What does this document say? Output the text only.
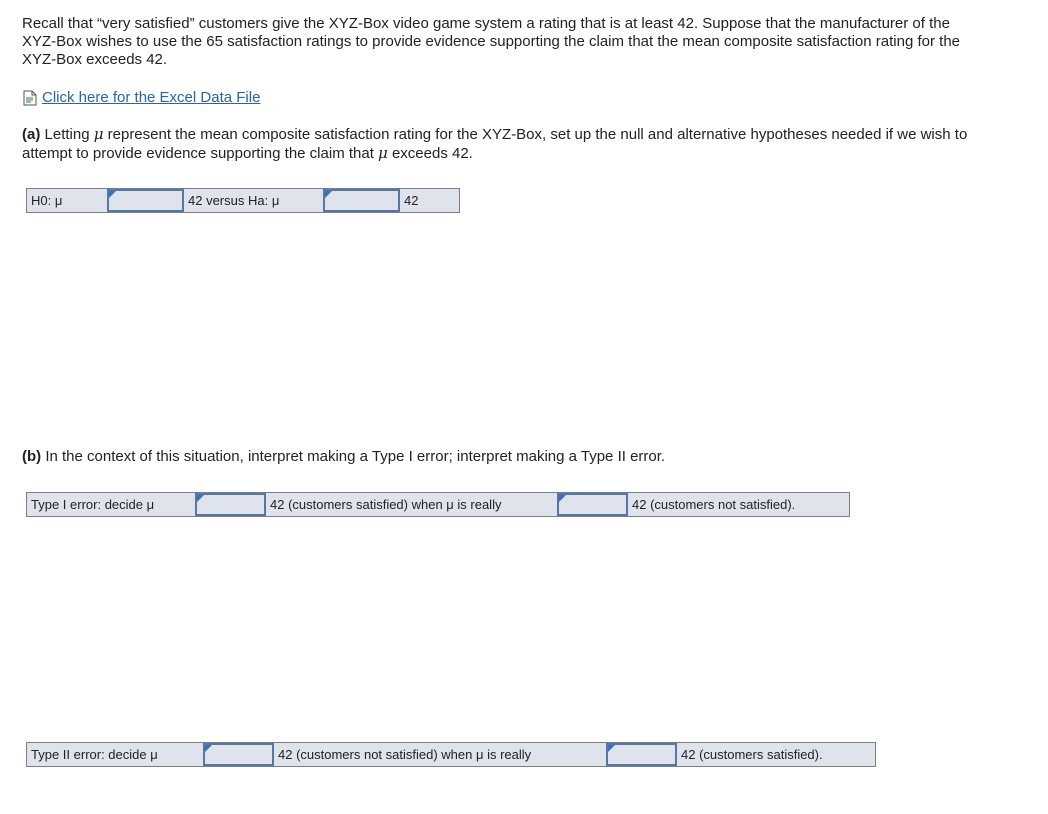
Recall that “very satisfied” customers give the XYZ-Box video game system a rating that is at least 42. Suppose that the manufacturer of the XYZ-Box wishes to use the 65 satisfaction ratings to provide evidence supporting the claim that the mean composite satisfaction rating for the XYZ-Box exceeds 42.

Click here for the Excel Data File

(a) Letting μ represent the mean composite satisfaction rating for the XYZ-Box, set up the null and alternative hypotheses needed if we wish to attempt to provide evidence supporting the claim that μ exceeds 42.

H0: μ	42 versus Ha: μ	42

(b) In the context of this situation, interpret making a Type I error; interpret making a Type II error.

Type I error: decide μ	42 (customers satisfied) when μ is really	42 (customers not satisfied).
Type II error: decide μ	42 (customers not satisfied) when μ is really	42 (customers satisfied).
